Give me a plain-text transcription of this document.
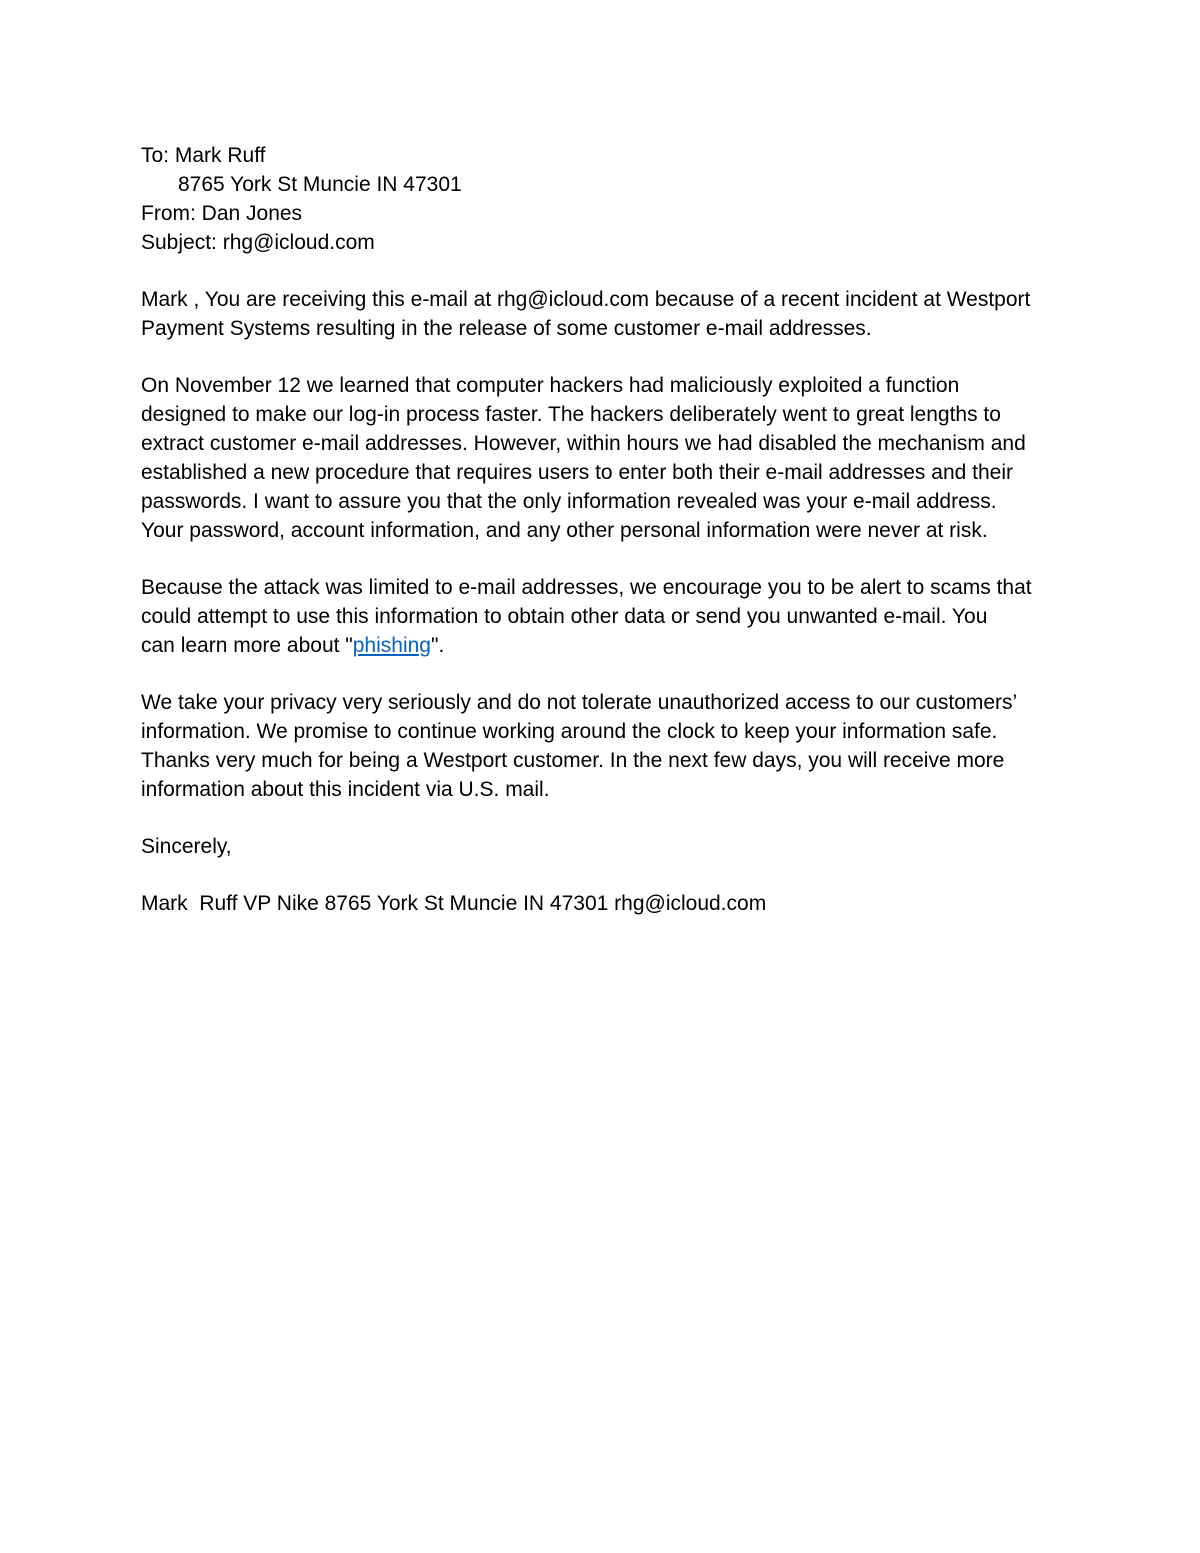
To: Mark Ruff
8765 York St Muncie IN 47301
From: Dan Jones
Subject: rhg@icloud.com
Mark , You are receiving this e-mail at rhg@icloud.com because of a recent incident at Westport
Payment Systems resulting in the release of some customer e-mail addresses.
On November 12 we learned that computer hackers had maliciously exploited a function
designed to make our log-in process faster. The hackers deliberately went to great lengths to
extract customer e-mail addresses. However, within hours we had disabled the mechanism and
established a new procedure that requires users to enter both their e-mail addresses and their
passwords. I want to assure you that the only information revealed was your e-mail address.
Your password, account information, and any other personal information were never at risk.
Because the attack was limited to e-mail addresses, we encourage you to be alert to scams that
could attempt to use this information to obtain other data or send you unwanted e-mail. You
can learn more about "phishing".
We take your privacy very seriously and do not tolerate unauthorized access to our customers’
information. We promise to continue working around the clock to keep your information safe.
Thanks very much for being a Westport customer. In the next few days, you will receive more
information about this incident via U.S. mail.
Sincerely,
Mark  Ruff VP Nike 8765 York St Muncie IN 47301 rhg@icloud.com
